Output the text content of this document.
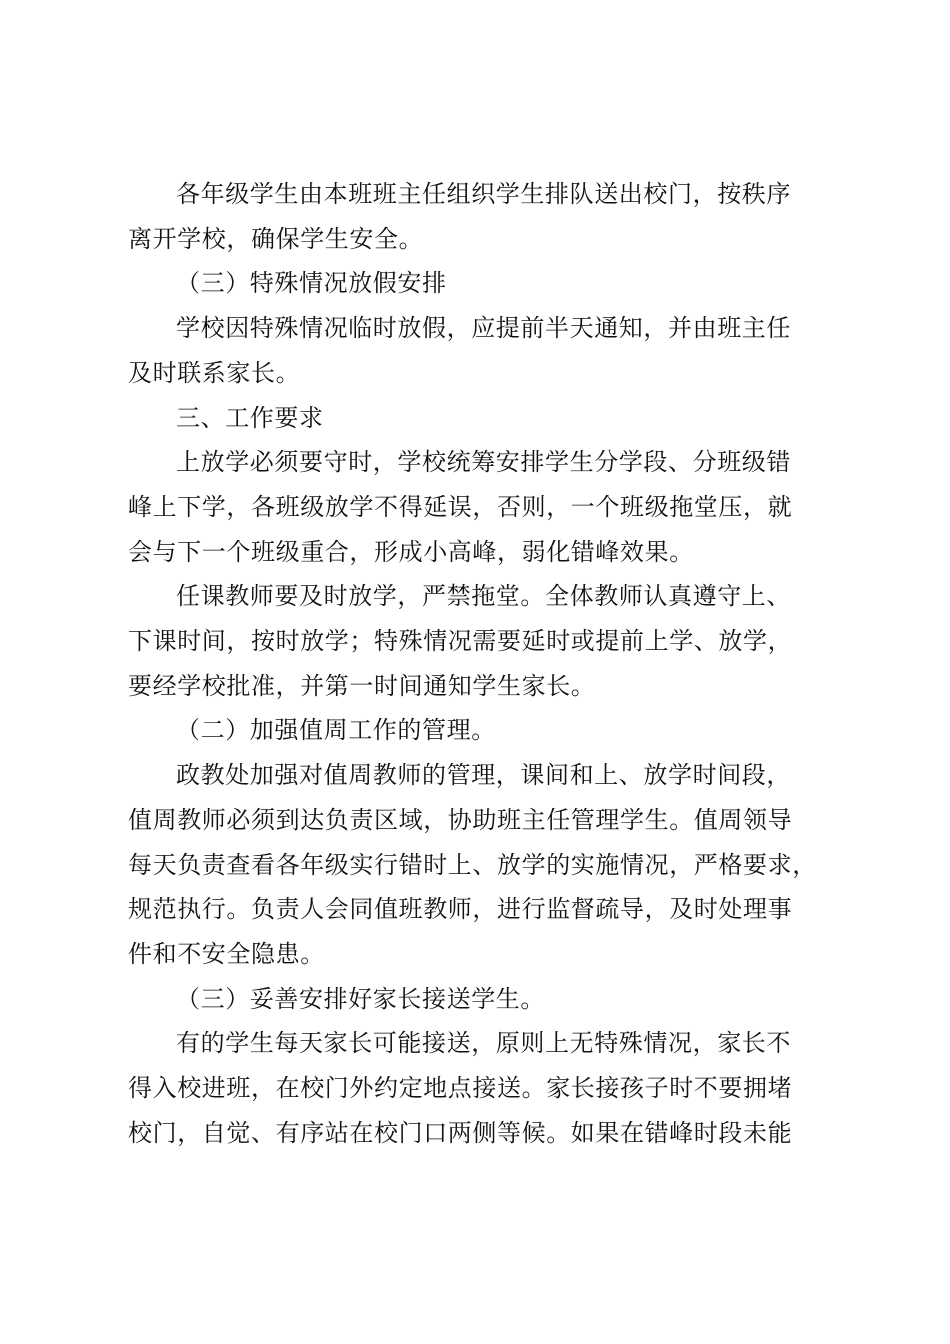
各年级学生由本班班主任组织学生排队送出校门，按秩序
离开学校，确保学生安全。

（三）特殊情况放假安排

学校因特殊情况临时放假，应提前半天通知，并由班主任
及时联系家长。

三、工作要求

上放学必须要守时，学校统筹安排学生分学段、分班级错
峰上下学，各班级放学不得延误，否则，一个班级拖堂压，就
会与下一个班级重合，形成小高峰，弱化错峰效果。

任课教师要及时放学，严禁拖堂。全体教师认真遵守上、
下课时间，按时放学；特殊情况需要延时或提前上学、放学，
要经学校批准，并第一时间通知学生家长。

（二）加强值周工作的管理。

政教处加强对值周教师的管理，课间和上、放学时间段，
值周教师必须到达负责区域，协助班主任管理学生。值周领导
每天负责查看各年级实行错时上、放学的实施情况，严格要求，
规范执行。负责人会同值班教师，进行监督疏导，及时处理事
件和不安全隐患。

（三）妥善安排好家长接送学生。

有的学生每天家长可能接送，原则上无特殊情况，家长不
得入校进班，在校门外约定地点接送。家长接孩子时不要拥堵
校门，自觉、有序站在校门口两侧等候。如果在错峰时段未能
